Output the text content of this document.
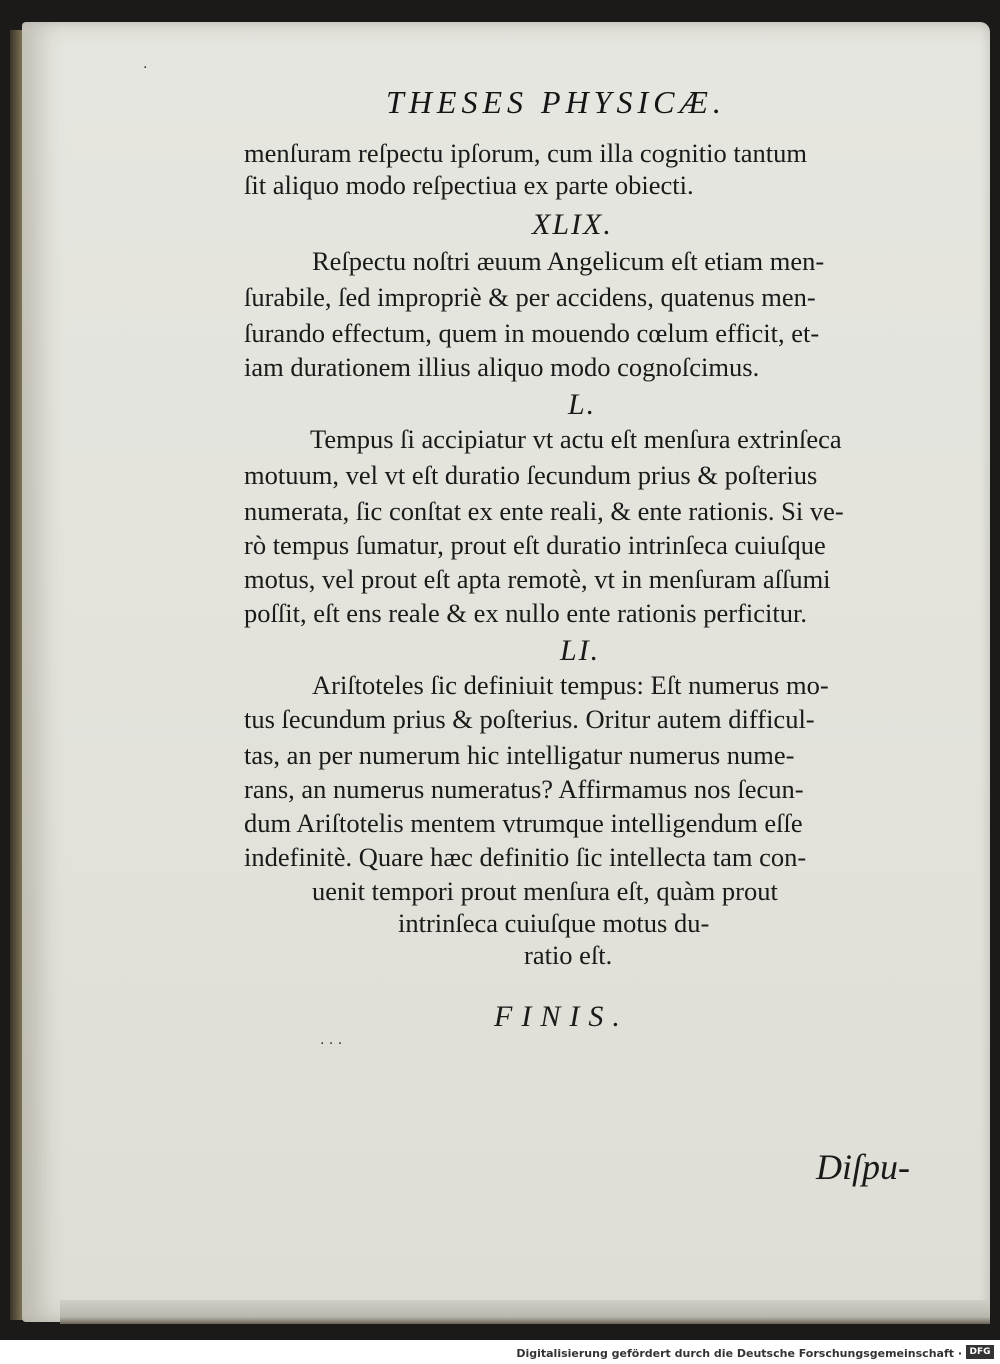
·
THESES PHYSICÆ.
menſuram reſpectu ipſorum, cum illa cognitio tantum
ſit aliquo modo reſpectiua ex parte obiecti.
XLIX.
Reſpectu noſtri æuum Angelicum eſt etiam men-
ſurabile, ſed impropriè & per accidens, quatenus men-
ſurando effectum, quem in mouendo cœlum efficit, et-
iam durationem illius aliquo modo cognoſcimus.
L.
Tempus ſi accipiatur vt actu eſt menſura extrinſeca
motuum, vel vt eſt duratio ſecundum prius & poſterius
numerata, ſic conſtat ex ente reali, & ente rationis. Si ve-
rò tempus ſumatur, prout eſt duratio intrinſeca cuiuſque
motus, vel prout eſt apta remotè, vt in menſuram aſſumi
poſſit, eſt ens reale & ex nullo ente rationis perficitur.
LI.
Ariſtoteles ſic definiuit tempus: Eſt numerus mo-
tus ſecundum prius & poſterius. Oritur autem difficul-
tas, an per numerum hic intelligatur numerus nume-
rans, an numerus numeratus? Affirmamus nos ſecun-
dum Ariſtotelis mentem vtrumque intelligendum eſſe
indefinitè. Quare hæc definitio ſic intellecta tam con-
uenit tempori prout menſura eſt, quàm prout
intrinſeca cuiuſque motus du-
ratio eſt.
FINIS.
· · ·
Diſpu-
Digitalisierung gefördert durch die Deutsche Forschungsgemeinschaft · DFG
